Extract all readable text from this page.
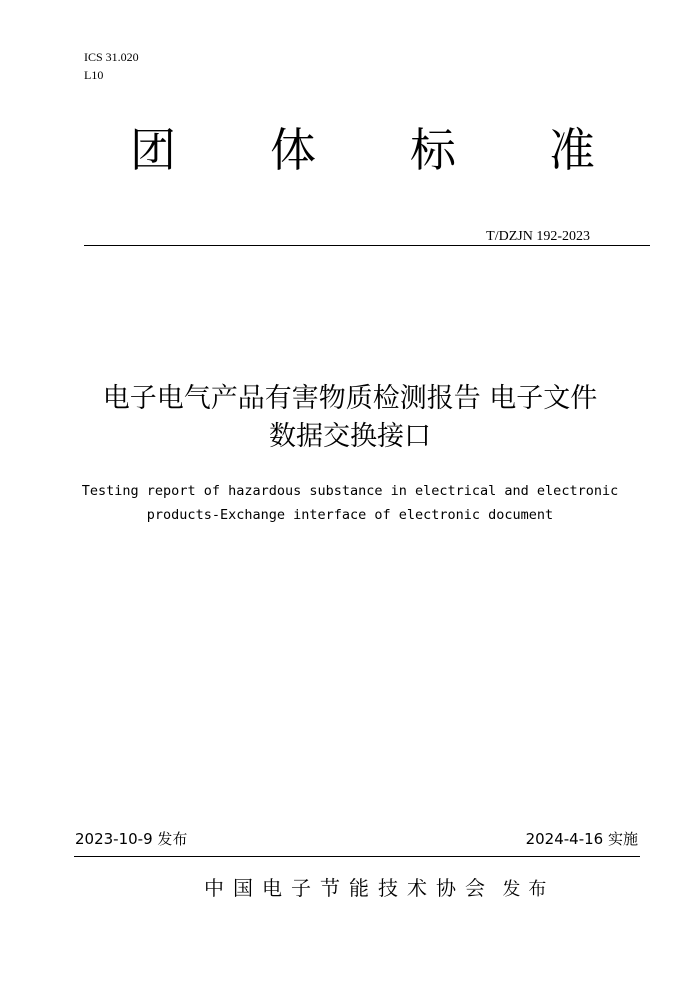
ICS 31.020
L10
团 体 标 准
T/DZJN 192-2023
电子电气产品有害物质检测报告 电子文件
数据交换接口
Testing report of hazardous substance in electrical and electronic
products-Exchange interface of electronic document
2023-10-9 发布	2024-4-16 实施
中国电子节能技术协会 发布
